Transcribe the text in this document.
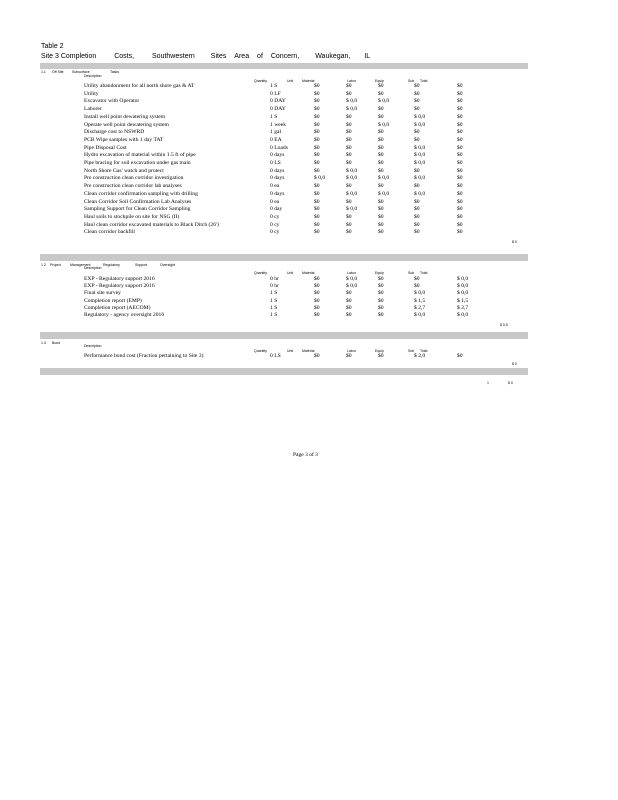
Table 2
Site 3 Completion	Costs,	Southwestern Sites Area of Concern, Waukegan, IL
1.1 Off Site Subsurface	Tasks
Description
Quantity	Unit	Material	Labor	Equip	Sub Total
Utility abandonment for all north shore gas & AT	1 S	$0	$0	$0	$0	$0
Utility	0 LF	$0	$0	$0	$0	$0
Excavator with Operator	0 DAY	$0	$ 0,0	$ 0,0	$0	$0
Laborer	0 DAY	$0	$ 0,0	$0	$0	$0
Install well point dewatering system	1 S	$0	$0	$0	$ 0,0	$0
Operate well point dewatering system	1 week	$0	$0	$ 0,0	$ 0,0	$0
Discharge cost to NSWRD	1 gal	$0	$0	$0	$0	$0
PCB Wipe samples with 1 day TAT	0 EA	$0	$0	$0	$0	$0
Pipe Disposal Cost	0 Loads	$0	$0	$0	$ 0,0	$0
Hydro excavation of material within 1.5 ft of pipe	0 days	$0	$0	$0	$ 0,0	$0
Pipe bracing for soil excavation under gas main	0 LS	$0	$0	$0	$ 0,0	$0
North Shore Gas' watch and protect	0 days	$0	$ 0,0	$0	$0	$0
Pre construction clean corridor investigation	0 days	$ 0,0	$ 0,0	$ 0,0	$ 0,0	$0
Pre construction clean corridor lab analyses	0 ea	$0	$0	$0	$0	$0
Clean corridor confirmation sampling with drilling	0 days	$0	$ 0,0	$ 0,0	$ 0,0	$0
Clean Corridor Soil Confirmation Lab Analyses	0 ea	$0	$0	$0	$0	$0
Sampling Support for Clean Corridor Sampling	0 day	$0	$ 0,0	$0	$0	$0
Haul soils to stockpile on site for NSG (II)	0 cy	$0	$0	$0	$0	$0
Haul clean corridor excavated materials to Black Ditch (26')	0 cy	$0	$0	$0	$0	$0
Clean corridor backfill	0 cy	$0	$0	$0	$0	$0
$ 0
1.2 Project	Management	Regulatory	Support	Oversight
Description
Quantity	Unit	Material	Labor	Equip	Sub Total
EXP - Regulatory support 2016	0 hr	$0	$ 0,0	$0	$0	$ 0,0
EXP - Regulatory support 2016	0 hr	$0	$ 0,0	$0	$0	$ 0,0
Final site survey	1 S	$0	$0	$0	$ 0,0	$ 0,0
Completion report (EMP)	1 S	$0	$0	$0	$ 1,5	$ 1,5
Completion report (AECOM)	1 S	$0	$0	$0	$ 2,7	$ 2,7
Regulatory - agency oversight 2016	1 S	$0	$0	$0	$ 0,0	$ 0,0
$ 0,5
1.3 Bond
Description
Quantity	Unit	Material	Labor	Equip	Sub Total
Performance bond cost (Fraction pertaining to Site 3)	0 LS	$0	$0	$0	$ 2,0	$0
$ 0
1	$ 0
Page 3 of 3
